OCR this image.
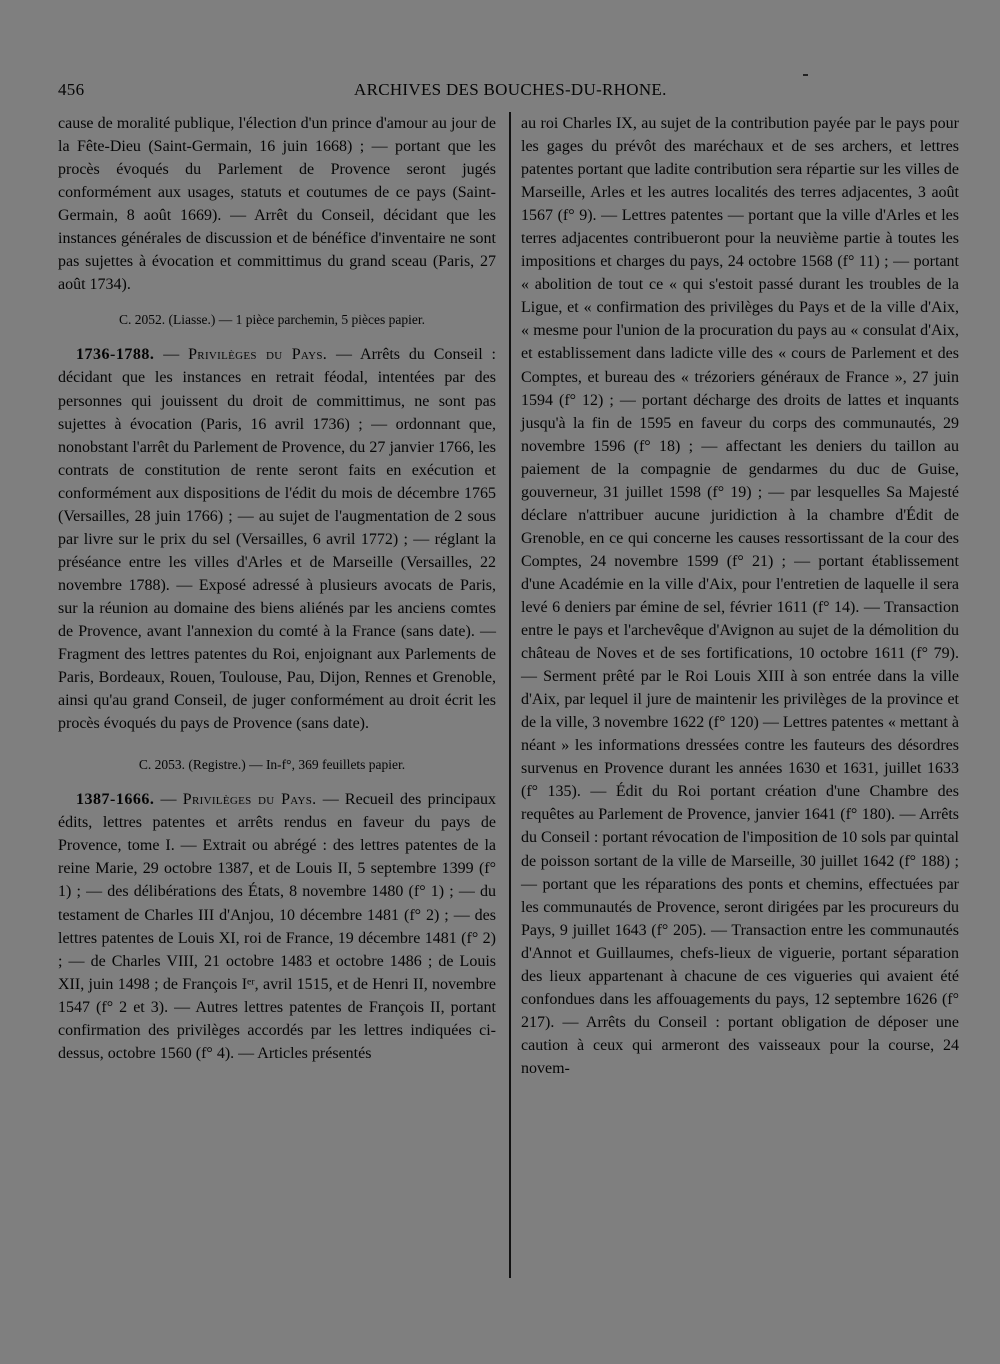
456	ARCHIVES DES BOUCHES-DU-RHONE.

cause de moralité publique, l'élection d'un prince d'amour au jour de la Fête-Dieu (Saint-Germain, 16 juin 1668) ; — portant que les procès évoqués du Parlement de Provence seront jugés conformément aux usages, statuts et coutumes de ce pays (Saint-Germain, 8 août 1669). — Arrêt du Conseil, décidant que les instances générales de discussion et de bénéfice d'inventaire ne sont pas sujettes à évocation et committimus du grand sceau (Paris, 27 août 1734).

C. 2052. (Liasse.) — 1 pièce parchemin, 5 pièces papier.

1736-1788. — Privilèges du Pays. — Arrêts du Conseil : décidant que les instances en retrait féodal, intentées par des personnes qui jouissent du droit de committimus, ne sont pas sujettes à évocation (Paris, 16 avril 1736) ; — ordonnant que, nonobstant l'arrêt du Parlement de Provence, du 27 janvier 1766, les contrats de constitution de rente seront faits en exécution et conformément aux dispositions de l'édit du mois de décembre 1765 (Versailles, 28 juin 1766) ; — au sujet de l'augmentation de 2 sous par livre sur le prix du sel (Versailles, 6 avril 1772) ; — réglant la préséance entre les villes d'Arles et de Marseille (Versailles, 22 novembre 1788). — Exposé adressé à plusieurs avocats de Paris, sur la réunion au domaine des biens aliénés par les anciens comtes de Provence, avant l'annexion du comté à la France (sans date). — Fragment des lettres patentes du Roi, enjoignant aux Parlements de Paris, Bordeaux, Rouen, Toulouse, Pau, Dijon, Rennes et Grenoble, ainsi qu'au grand Conseil, de juger conformément au droit écrit les procès évoqués du pays de Provence (sans date).

C. 2053. (Registre.) — In-f°, 369 feuillets papier.

1387-1666. — Privilèges du Pays. — Recueil des principaux édits, lettres patentes et arrêts rendus en faveur du pays de Provence, tome I. — Extrait ou abrégé : des lettres patentes de la reine Marie, 29 octobre 1387, et de Louis II, 5 septembre 1399 (f° 1) ; — des délibérations des États, 8 novembre 1480 (f° 1) ; — du testament de Charles III d'Anjou, 10 décembre 1481 (f° 2) ; — des lettres patentes de Louis XI, roi de France, 19 décembre 1481 (f° 2) ; — de Charles VIII, 21 octobre 1483 et octobre 1486 ; de Louis XII, juin 1498 ; de François Iᵉʳ, avril 1515, et de Henri II, novembre 1547 (f° 2 et 3). — Autres lettres patentes de François II, portant confirmation des privilèges accordés par les lettres indiquées ci-dessus, octobre 1560 (f° 4). — Articles présentés

au roi Charles IX, au sujet de la contribution payée par le pays pour les gages du prévôt des maréchaux et de ses archers, et lettres patentes portant que ladite contribution sera répartie sur les villes de Marseille, Arles et les autres localités des terres adjacentes, 3 août 1567 (f° 9). — Lettres patentes — portant que la ville d'Arles et les terres adjacentes contribueront pour la neuvième partie à toutes les impositions et charges du pays, 24 octobre 1568 (f° 11) ; — portant « abolition de tout ce « qui s'estoit passé durant les troubles de la Ligue, et « confirmation des privilèges du Pays et de la ville d'Aix, « mesme pour l'union de la procuration du pays au « consulat d'Aix, et establissement dans ladicte ville des « cours de Parlement et des Comptes, et bureau des « trézoriers généraux de France », 27 juin 1594 (f° 12) ; — portant décharge des droits de lattes et inquants jusqu'à la fin de 1595 en faveur du corps des communautés, 29 novembre 1596 (f° 18) ; — affectant les deniers du taillon au paiement de la compagnie de gendarmes du duc de Guise, gouverneur, 31 juillet 1598 (f° 19) ; — par lesquelles Sa Majesté déclare n'attribuer aucune juridiction à la chambre d'Édit de Grenoble, en ce qui concerne les causes ressortissant de la cour des Comptes, 24 novembre 1599 (f° 21) ; — portant établissement d'une Académie en la ville d'Aix, pour l'entretien de laquelle il sera levé 6 deniers par émine de sel, février 1611 (f° 14). — Transaction entre le pays et l'archevêque d'Avignon au sujet de la démolition du château de Noves et de ses fortifications, 10 octobre 1611 (f° 79). — Serment prêté par le Roi Louis XIII à son entrée dans la ville d'Aix, par lequel il jure de maintenir les privilèges de la province et de la ville, 3 novembre 1622 (f° 120) — Lettres patentes « mettant à néant » les informations dressées contre les fauteurs des désordres survenus en Provence durant les années 1630 et 1631, juillet 1633 (f° 135). — Édit du Roi portant création d'une Chambre des requêtes au Parlement de Provence, janvier 1641 (f° 180). — Arrêts du Conseil : portant révocation de l'imposition de 10 sols par quintal de poisson sortant de la ville de Marseille, 30 juillet 1642 (f° 188) ; — portant que les réparations des ponts et chemins, effectuées par les communautés de Provence, seront dirigées par les procureurs du Pays, 9 juillet 1643 (f° 205). — Transaction entre les communautés d'Annot et Guillaumes, chefs-lieux de viguerie, portant séparation des lieux appartenant à chacune de ces vigueries qui avaient été confondues dans les affouagements du pays, 12 septembre 1626 (f° 217). — Arrêts du Conseil : portant obligation de déposer une caution à ceux qui armeront des vaisseaux pour la course, 24 novem-
